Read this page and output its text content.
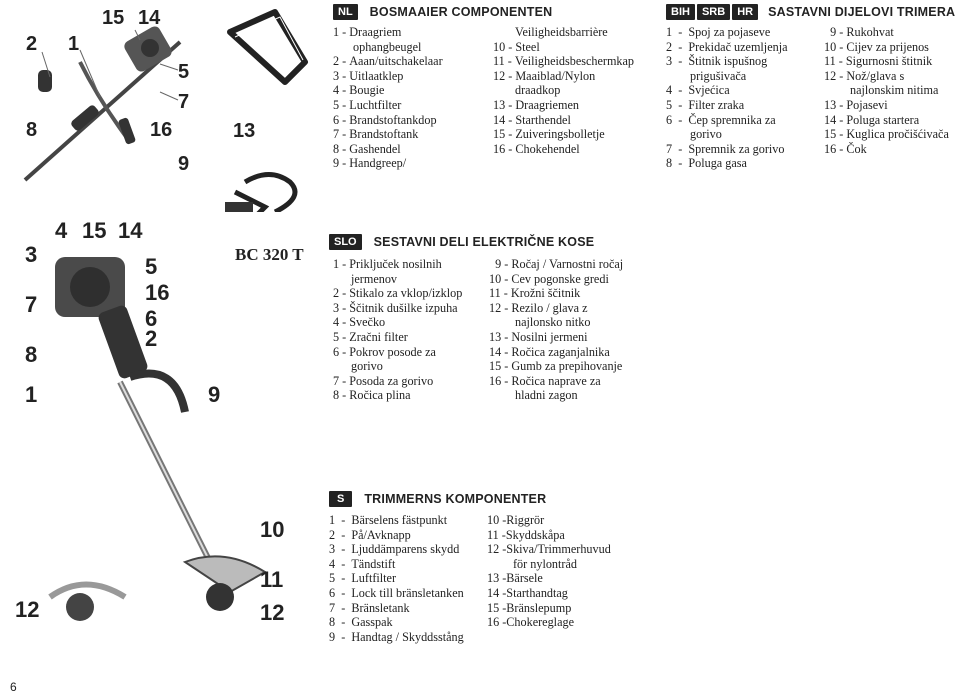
15 14
2 1
5
7
8	16
9
13
BC 320 T
3
4 15 14
5
16
7
6
2
8
1	9
10
11
12	12
NL	BOSMAAIER COMPONENTEN
1 - Draagriem
ophangbeugel
2 - Aaan/uitschakelaar
3 - Uitlaatklep
4 - Bougie
5 - Luchtfilter
6 - Brandstoftankdop
7 - Brandstoftank
8 - Gashendel
9 - Handgreep/
Veiligheidsbarrière
10 - Steel
11 - Veiligheidsbeschermkap
12 - Maaiblad/Nylon
draadkop
13 - Draagriemen
14 - Starthendel
15 - Zuiveringsbolletje
16 - Chokehendel
BIH	SRB	HR	SASTAVNI DIJELOVI TRIMERA
1  - Spoj za pojaseve
2  - Prekidač uzemljenja
3  - Štitnik ispušnog
prigušivača
4  - Svjećica
5  - Filter zraka
6  - Čep spremnika za
gorivo
7  - Spremnik za gorivo
8  - Poluga gasa
9 - Rukohvat
10 - Cijev za prijenos
11 - Sigurnosni štitnik
12 - Nož/glava s
najlonskim nitima
13 - Pojasevi
14 - Poluga startera
15 - Kuglica pročišćivača
16 - Čok
SLO	SESTAVNI DELI ELEKTRIČNE KOSE
1 - Priključek nosilnih
jermenov
2 - Stikalo za vklop/izklop
3 - Ščitnik dušilke izpuha
4 - Svečko
5 - Zračni filter
6 - Pokrov posode za
gorivo
7 - Posoda za gorivo
8 - Ročica plina
9 - Ročaj / Varnostni ročaj
10 - Cev pogonske gredi
11 - Krožni ščitnik
12 - Rezilo / glava z
najlonsko nitko
13 - Nosilni jermeni
14 - Ročica zaganjalnika
15 - Gumb za prepihovanje
16 - Ročica naprave za
hladni zagon
S	TRIMMERNS KOMPONENTER
1  - Bärselens fästpunkt
2  - På/Avknapp
3  - Ljuddämparens skydd
4  - Tändstift
5  - Luftfilter
6  - Lock till bränsletanken
7  - Bränsletank
8  - Gasspak
9  - Handtag / Skyddsstång
10 - Riggrör
11 - Skyddskåpa
12 - Skiva/Trimmerhuvud
för nylontråd
13 - Bärsele
14 - Starthandtag
15 - Bränslepump
16 - Chokereglage
6
